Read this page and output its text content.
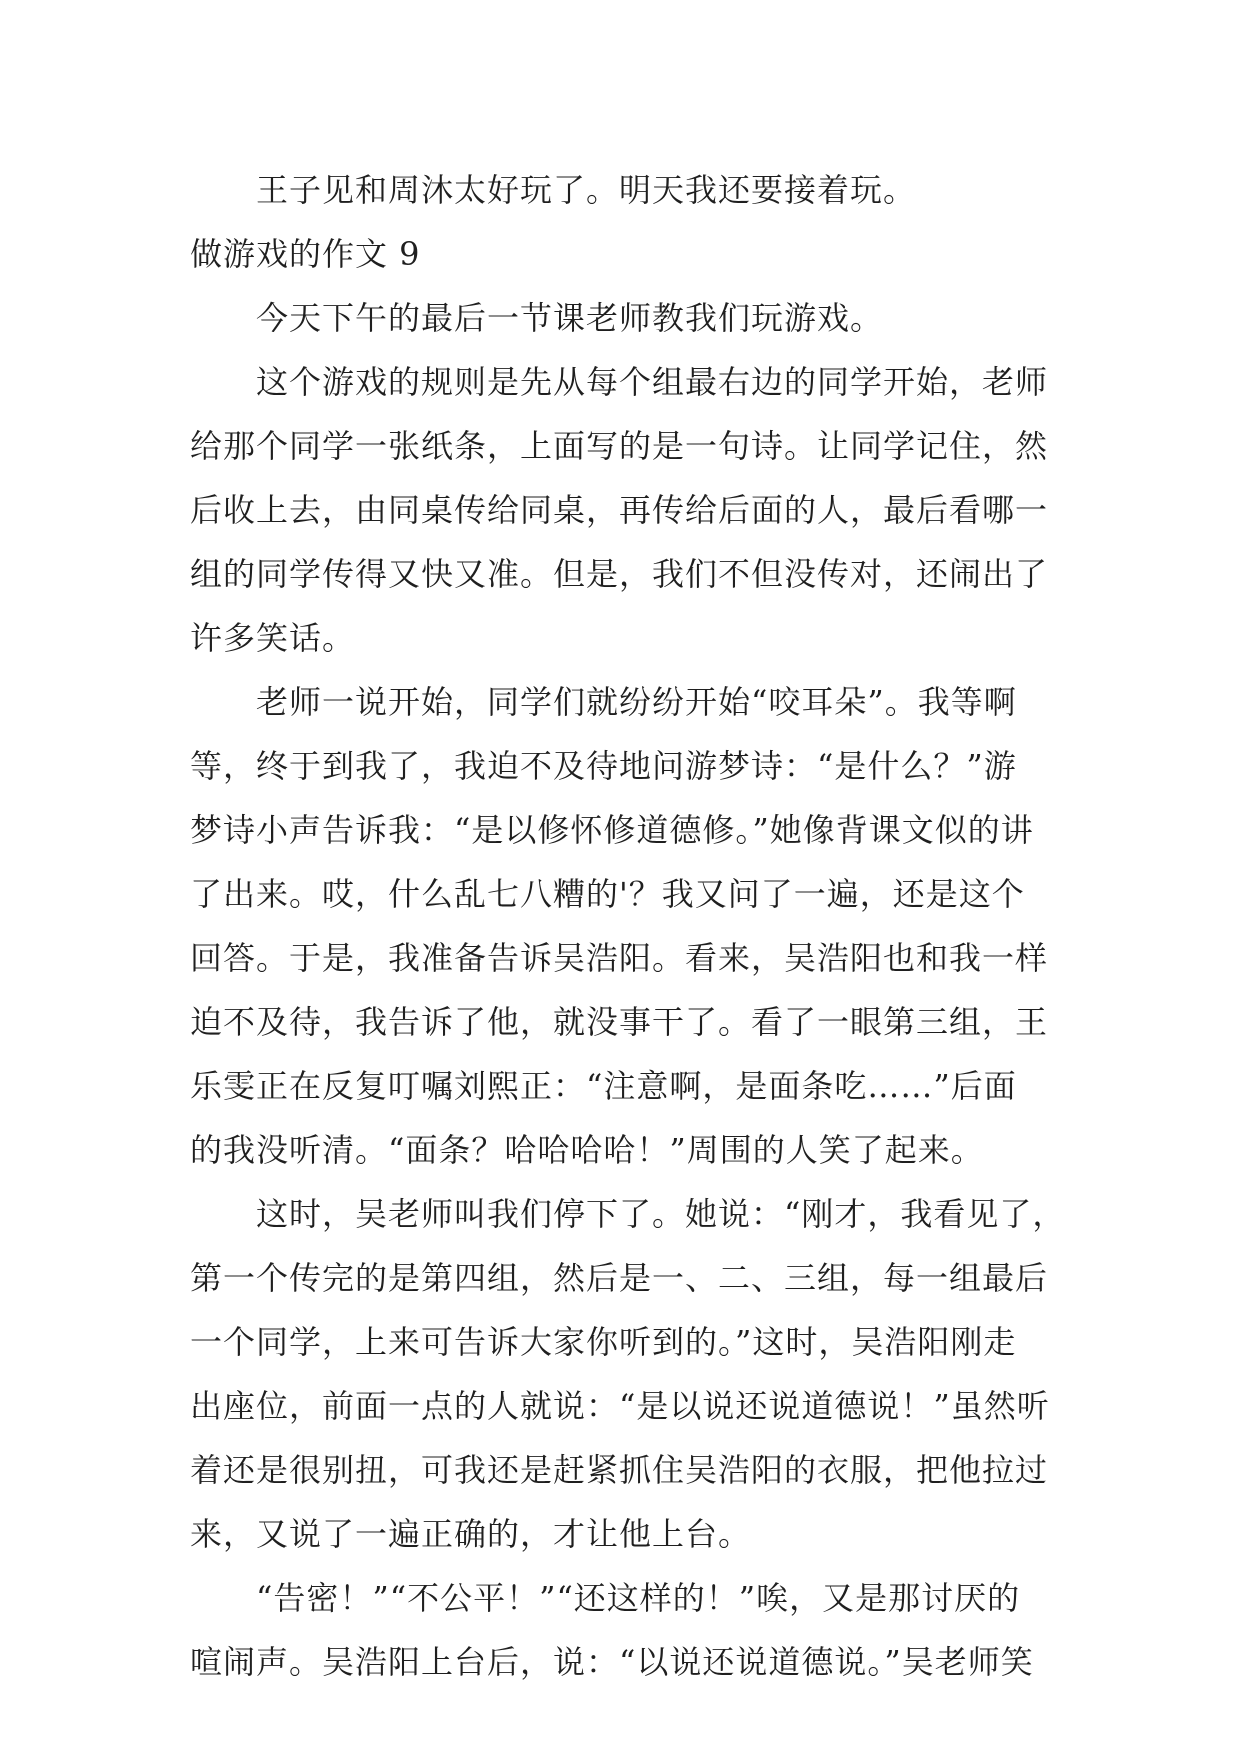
王子见和周沐太好玩了。明天我还要接着玩。

做游戏的作文 9

今天下午的最后一节课老师教我们玩游戏。

这个游戏的规则是先从每个组最右边的同学开始，老师

给那个同学一张纸条，上面写的是一句诗。让同学记住，然

后收上去，由同桌传给同桌，再传给后面的人，最后看哪一

组的同学传得又快又准。但是，我们不但没传对，还闹出了

许多笑话。

老师一说开始，同学们就纷纷开始“咬耳朵”。我等啊

等，终于到我了，我迫不及待地问游梦诗：“是什么？”游

梦诗小声告诉我：“是以修怀修道德修。”她像背课文似的讲

了出来。哎，什么乱七八糟的'？我又问了一遍，还是这个

回答。于是，我准备告诉吴浩阳。看来，吴浩阳也和我一样

迫不及待，我告诉了他，就没事干了。看了一眼第三组，王

乐雯正在反复叮嘱刘熙正：“注意啊，是面条吃……”后面

的我没听清。“面条？哈哈哈哈！”周围的人笑了起来。

这时，吴老师叫我们停下了。她说：“刚才，我看见了，

第一个传完的是第四组，然后是一、二、三组，每一组最后

一个同学，上来可告诉大家你听到的。”这时，吴浩阳刚走

出座位，前面一点的人就说：“是以说还说道德说！”虽然听

着还是很别扭，可我还是赶紧抓住吴浩阳的衣服，把他拉过

来，又说了一遍正确的，才让他上台。

“告密！”“不公平！”“还这样的！”唉，又是那讨厌的

喧闹声。吴浩阳上台后，说：“以说还说道德说。”吴老师笑
